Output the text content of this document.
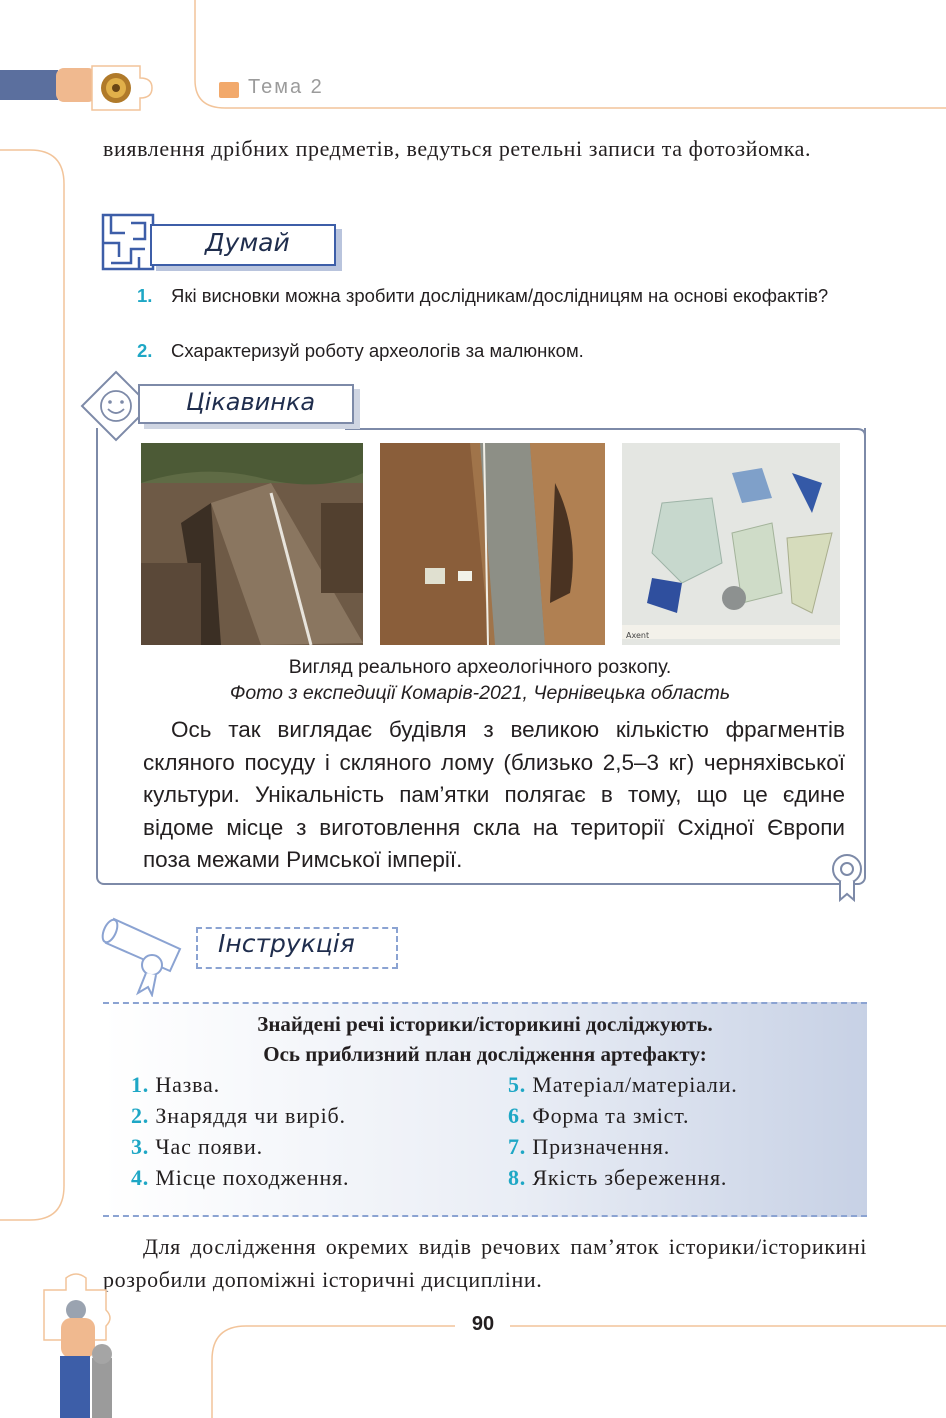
Тема 2
виявлення дрібних предметів, ведуться ретельні записи та фотозйомка.
Думай
1. Які висновки можна зробити дослідникам/дослідницям на основі екофактів?
2. Схарактеризуй роботу археологів за малюнком.
Цікавинка
Axent
Вигляд реального археологічного розкопу.
Фото з експедиції Комарів-2021, Чернівецька область
Ось так виглядає будівля з великою кількістю фрагментів скляного посуду і скляного лому (близько 2,5–3 кг) черняхівської культури. Унікальність пам’ятки полягає в тому, що це єдине відоме місце з виготовлення скла на території Східної Європи поза межами Римської імперії.
Інструкція
Знайдені речі історики/історикині досліджують.
Ось приблизний план дослідження артефакту:
1. Назва.
2. Знаряддя чи виріб.
3. Час появи.
4. Місце походження.
5. Матеріал/матеріали.
6. Форма та зміст.
7. Призначення.
8. Якість збереження.
Для дослідження окремих видів речових пам’яток історики/історикині розробили допоміжні історичні дисципліни.
90
